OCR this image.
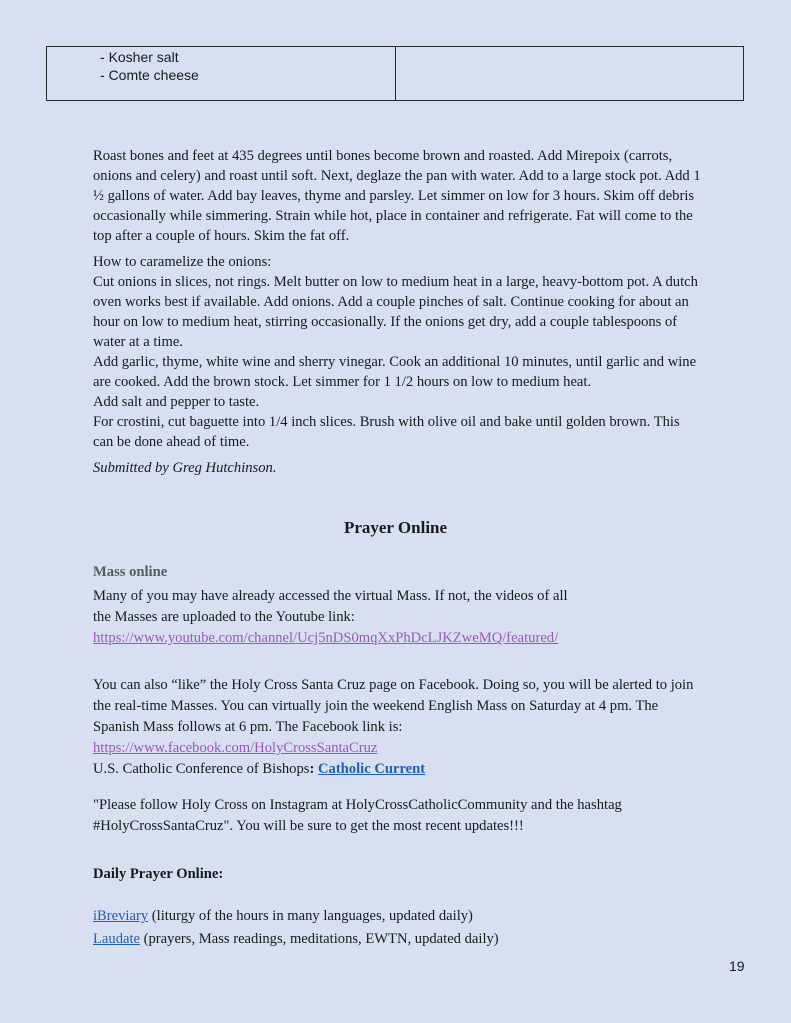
- Kosher salt
- Comte cheese

Roast bones and feet at 435 degrees until bones become brown and roasted. Add Mirepoix (carrots, onions and celery) and roast until soft. Next, deglaze the pan with water. Add to a large stock pot. Add 1 ½ gallons of water. Add bay leaves, thyme and parsley. Let simmer on low for 3 hours. Skim off debris occasionally while simmering. Strain while hot, place in container and refrigerate. Fat will come to the top after a couple of hours. Skim the fat off.

How to caramelize the onions:

Cut onions in slices, not rings. Melt butter on low to medium heat in a large, heavy-bottom pot. A dutch oven works best if available. Add onions. Add a couple pinches of salt. Continue cooking for about an hour on low to medium heat, stirring occasionally. If the onions get dry, add a couple tablespoons of water at a time.

Add garlic, thyme, white wine and sherry vinegar. Cook an additional 10 minutes, until garlic and wine are cooked. Add the brown stock. Let simmer for 1 1/2 hours on low to medium heat.

Add salt and pepper to taste.

For crostini, cut baguette into 1/4 inch slices. Brush with olive oil and bake until golden brown. This can be done ahead of time.

Submitted by Greg Hutchinson.
Prayer Online
Mass online

Many of you may have already accessed the virtual Mass. If not, the videos of all

the Masses are uploaded to the Youtube link:

https://www.youtube.com/channel/Ucj5nDS0mqXxPhDcLJKZweMQ/featured/

You can also “like” the Holy Cross Santa Cruz page on Facebook. Doing so, you will be alerted to join the real-time Masses. You can virtually join the weekend English Mass on Saturday at 4 pm. The Spanish Mass follows at 6 pm. The Facebook link is:

https://www.facebook.com/HolyCrossSantaCruz

U.S. Catholic Conference of Bishops: Catholic Current

"Please follow Holy Cross on Instagram at HolyCrossCatholicCommunity and the hashtag #HolyCrossSantaCruz". You will be sure to get the most recent updates!!!

Daily Prayer Online:

iBreviary (liturgy of the hours in many languages, updated daily)

Laudate (prayers, Mass readings, meditations, EWTN, updated daily)

19
